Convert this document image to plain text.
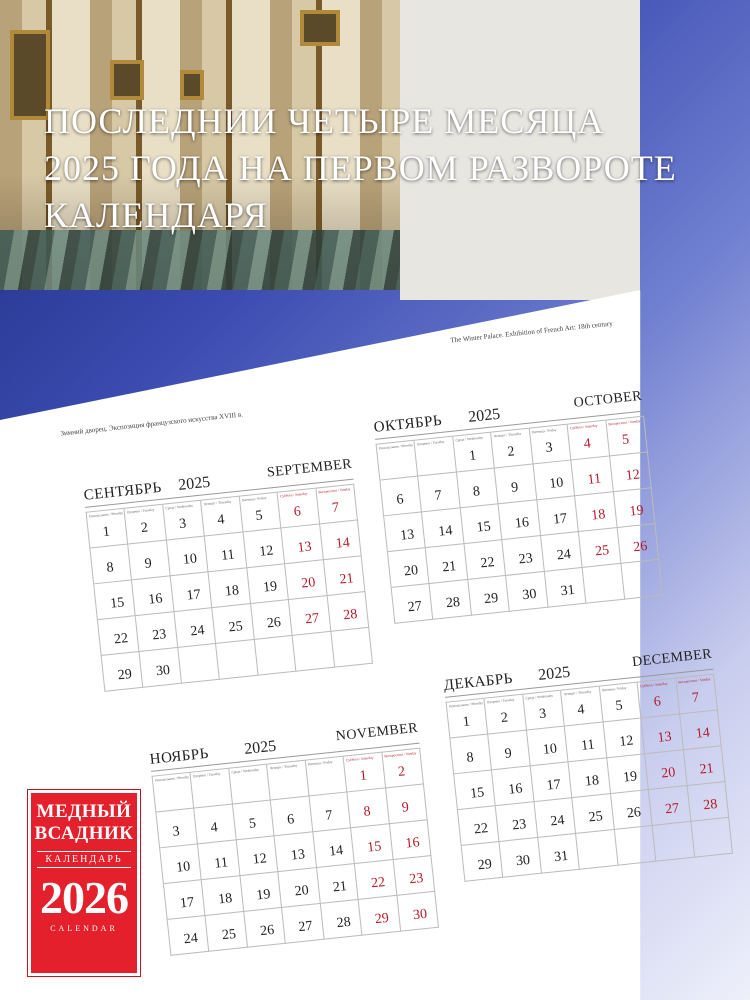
ПОСЛЕДНИИ ЧЕТЫРЕ МЕСЯЦА
2025 ГОДА НА ПЕРВОМ РАЗВОРОТЕ
КАЛЕНДАРЯ
The Winter Palace. Exhibition of French Art: 18th century
Зимний дворец. Экспозиция французского искусства XVIII в.
СЕНТЯБРЬ 2025
SEPTEMBER
Понедельник / Monday
1
Вторник / Tuesday
2
Среда / Wednesday
3
Четверг / Thursday
4
Пятница / Friday
5
Суббота / Saturday
6
Воскресенье / Sunday
7
8 9 10 11 12 13 14
15 16 17 18 19 20 21
22 23 24 25 26 27 28
29 30
ОКТЯБРЬ 2025
OCTOBER
Понедельник / Monday Вторник / Tuesday
Среда / Wednesday
1
Четверг / Thursday
2
Пятница / Friday
3
Суббота / Saturday
4
Воскресенье / Sunday
5
6 7 8 9 10 11 12
13 14 15 16 17 18 19
20 21 22 23 24 25 26
27 28 29 30 31
НОЯБРЬ 2025
NOVEMBER
Понедельник / Monday Вторник / Tuesday
Среда / Wednesday
Четверг / Thursday
Пятница / Friday
Суббота / Saturday
1
Воскресенье / Sunday
2
3 4 5 6 7 8 9
10 11 12 13 14 15 16
17 18 19 20 21 22 23
24 25 26 27 28 29 30
ДЕКАБРЬ 2025
DECEMBER
Понедельник / Monday
1
Вторник / Tuesday
2
Среда / Wednesday
3
Четверг / Thursday
4
Пятница / Friday
5
Суббота / Saturday
6
Воскресенье / Sunday
7
8 9 10 11 12 13 14
15 16 17 18 19 20 21
22 23 24 25 26 27 28
29 30 31
МЕДНЫЙ
ВСАДНИК
КАЛЕНДАРЬ
2026
CALENDAR
